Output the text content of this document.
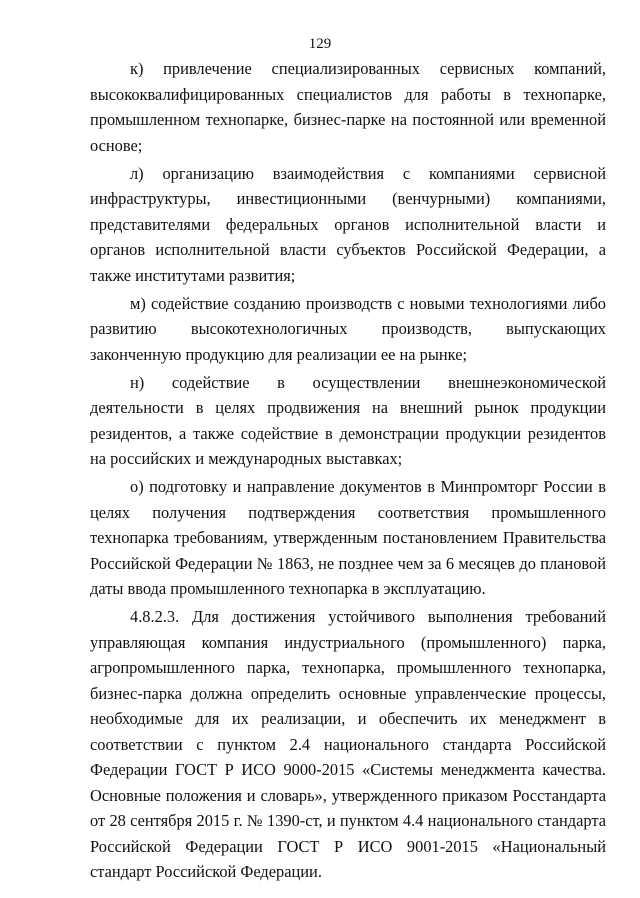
129

к) привлечение специализированных сервисных компаний, высококвалифицированных специалистов для работы в технопарке, промышленном технопарке, бизнес-парке на постоянной или временной основе;

л) организацию взаимодействия с компаниями сервисной инфраструктуры, инвестиционными (венчурными) компаниями, представителями федеральных органов исполнительной власти и органов исполнительной власти субъектов Российской Федерации, а также институтами развития;

м) содействие созданию производств с новыми технологиями либо развитию высокотехнологичных производств, выпускающих законченную продукцию для реализации ее на рынке;

н) содействие в осуществлении внешнеэкономической деятельности в целях продвижения на внешний рынок продукции резидентов, а также содействие в демонстрации продукции резидентов на российских и международных выставках;

о) подготовку и направление документов в Минпромторг России в целях получения подтверждения соответствия промышленного технопарка требованиям, утвержденным постановлением Правительства Российской Федерации № 1863, не позднее чем за 6 месяцев до плановой даты ввода промышленного технопарка в эксплуатацию.

4.8.2.3. Для достижения устойчивого выполнения требований управляющая компания индустриального (промышленного) парка, агропромышленного парка, технопарка, промышленного технопарка, бизнес-парка должна определить основные управленческие процессы, необходимые для их реализации, и обеспечить их менеджмент в соответствии с пунктом 2.4 национального стандарта Российской Федерации ГОСТ Р ИСО 9000-2015 «Системы менеджмента качества. Основные положения и словарь», утвержденного приказом Росстандарта от 28 сентября 2015 г. № 1390-ст, и пунктом 4.4 национального стандарта Российской Федерации ГОСТ Р ИСО 9001-2015 «Национальный стандарт Российской Федерации.
